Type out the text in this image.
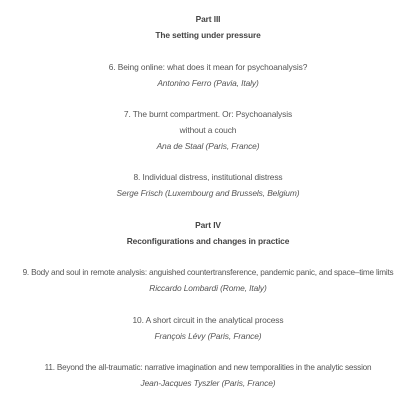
Part III
The setting under pressure
6. Being online: what does it mean for psychoanalysis?
Antonino Ferro (Pavia, Italy)
7. The burnt compartment. Or: Psychoanalysis
without a couch
Ana de Staal (Paris, France)
8. Individual distress, institutional distress
Serge Frisch (Luxembourg and Brussels, Belgium)
Part IV
Reconfigurations and changes in practice
9. Body and soul in remote analysis: anguished countertransference, pandemic panic, and space–time limits
Riccardo Lombardi (Rome, Italy)
10. A short circuit in the analytical process
François Lévy (Paris, France)
11. Beyond the all-traumatic: narrative imagination and new temporalities in the analytic session
Jean-Jacques Tyszler (Paris, France)
